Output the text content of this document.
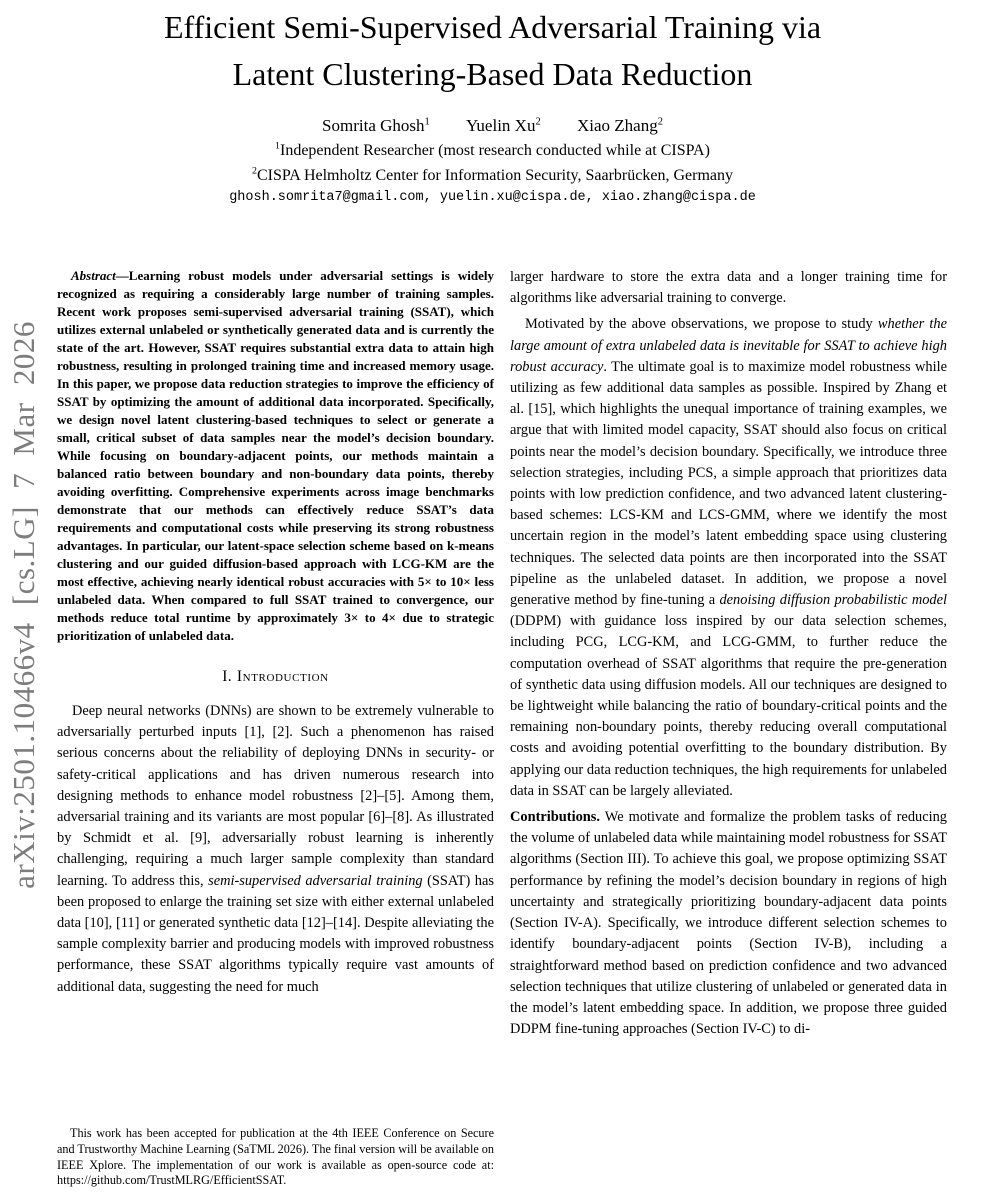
arXiv:2501.10466v4 [cs.LG] 7 Mar 2026
Efficient Semi-Supervised Adversarial Training via
Latent Clustering-Based Data Reduction
Somrita Ghosh$^1$ Yuelin Xu$^2$ Xiao Zhang$^2$
$^1$Independent Researcher (most research conducted while at CISPA)
$^2$CISPA Helmholtz Center for Information Security, Saarbrücken, Germany
ghosh.somrita7@gmail.com, yuelin.xu@cispa.de, xiao.zhang@cispa.de

Abstract—Learning robust models under adversarial settings is widely recognized as requiring a considerably large number of training samples. Recent work proposes semi-supervised adversarial training (SSAT), which utilizes external unlabeled or synthetically generated data and is currently the state of the art. However, SSAT requires substantial extra data to attain high robustness, resulting in prolonged training time and increased memory usage. In this paper, we propose data reduction strategies to improve the efficiency of SSAT by optimizing the amount of additional data incorporated. Specifically, we design novel latent clustering-based techniques to select or generate a small, critical subset of data samples near the model’s decision boundary. While focusing on boundary-adjacent points, our methods maintain a balanced ratio between boundary and non-boundary data points, thereby avoiding overfitting. Comprehensive experiments across image benchmarks demonstrate that our methods can effectively reduce SSAT’s data requirements and computational costs while preserving its strong robustness advantages. In particular, our latent-space selection scheme based on k-means clustering and our guided diffusion-based approach with LCG-KM are the most effective, achieving nearly identical robust accuracies with 5× to 10× less unlabeled data. When compared to full SSAT trained to convergence, our methods reduce total runtime by approximately 3× to 4× due to strategic prioritization of unlabeled data.

I. Introduction

Deep neural networks (DNNs) are shown to be extremely vulnerable to adversarially perturbed inputs [1], [2]. Such a phenomenon has raised serious concerns about the reliability of deploying DNNs in security- or safety-critical applications and has driven numerous research into designing methods to enhance model robustness [2]–[5]. Among them, adversarial training and its variants are most popular [6]–[8]. As illustrated by Schmidt et al. [9], adversarially robust learning is inherently challenging, requiring a much larger sample complexity than standard learning. To address this, semi-supervised adversarial training (SSAT) has been proposed to enlarge the training set size with either external unlabeled data [10], [11] or generated synthetic data [12]–[14]. Despite alleviating the sample complexity barrier and producing models with improved robustness performance, these SSAT algorithms typically require vast amounts of additional data, suggesting the need for much

This work has been accepted for publication at the 4th IEEE Conference on Secure and Trustworthy Machine Learning (SaTML 2026). The final version will be available on IEEE Xplore. The implementation of our work is available as open-source code at: https://github.com/TrustMLRG/EfficientSSAT.

larger hardware to store the extra data and a longer training time for algorithms like adversarial training to converge.

Motivated by the above observations, we propose to study whether the large amount of extra unlabeled data is inevitable for SSAT to achieve high robust accuracy. The ultimate goal is to maximize model robustness while utilizing as few additional data samples as possible. Inspired by Zhang et al. [15], which highlights the unequal importance of training examples, we argue that with limited model capacity, SSAT should also focus on critical points near the model’s decision boundary. Specifically, we introduce three selection strategies, including PCS, a simple approach that prioritizes data points with low prediction confidence, and two advanced latent clustering-based schemes: LCS-KM and LCS-GMM, where we identify the most uncertain region in the model’s latent embedding space using clustering techniques. The selected data points are then incorporated into the SSAT pipeline as the unlabeled dataset. In addition, we propose a novel generative method by fine-tuning a denoising diffusion probabilistic model (DDPM) with guidance loss inspired by our data selection schemes, including PCG, LCG-KM, and LCG-GMM, to further reduce the computation overhead of SSAT algorithms that require the pre-generation of synthetic data using diffusion models. All our techniques are designed to be lightweight while balancing the ratio of boundary-critical points and the remaining non-boundary points, thereby reducing overall computational costs and avoiding potential overfitting to the boundary distribution. By applying our data reduction techniques, the high requirements for unlabeled data in SSAT can be largely alleviated.

Contributions. We motivate and formalize the problem tasks of reducing the volume of unlabeled data while maintaining model robustness for SSAT algorithms (Section III). To achieve this goal, we propose optimizing SSAT performance by refining the model’s decision boundary in regions of high uncertainty and strategically prioritizing boundary-adjacent data points (Section IV-A). Specifically, we introduce different selection schemes to identify boundary-adjacent points (Section IV-B), including a straightforward method based on prediction confidence and two advanced selection techniques that utilize clustering of unlabeled or generated data in the model’s latent embedding space. In addition, we propose three guided DDPM fine-tuning approaches (Section IV-C) to di-
